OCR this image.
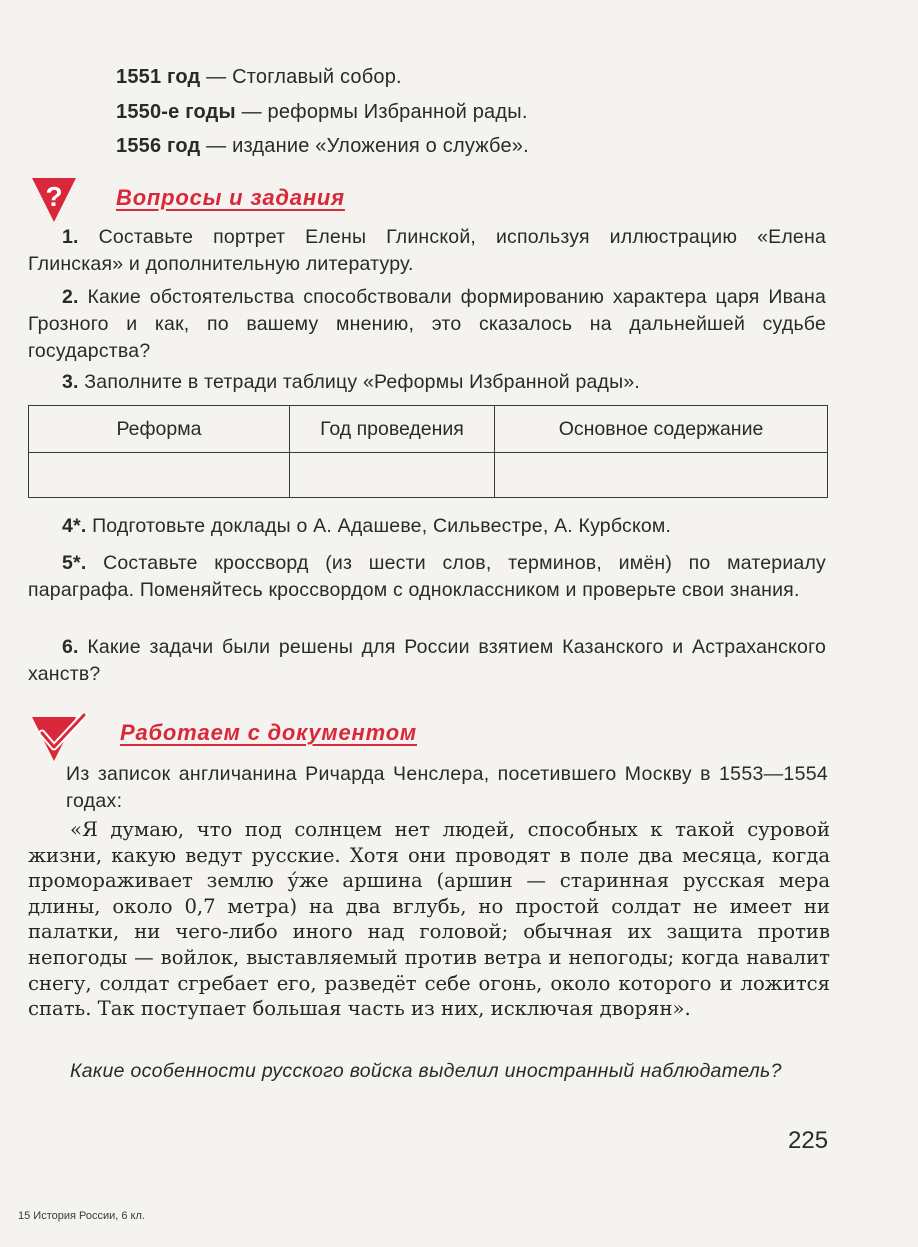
1551 год — Стоглавый собор.
1550-е годы — реформы Избранной рады.
1556 год — издание «Уложения о службе».
? Вопросы и задания
1. Составьте портрет Елены Глинской, используя иллюстрацию «Елена Глинская» и дополнительную литературу.
2. Какие обстоятельства способствовали формированию характера царя Ивана Грозного и как, по вашему мнению, это сказалось на дальнейшей судьбе государства?
3. Заполните в тетради таблицу «Реформы Избранной рады».
Реформа	Год проведения	Основное содержание

4*. Подготовьте доклады о А. Адашеве, Сильвестре, А. Курбском.
5*. Составьте кроссворд (из шести слов, терминов, имён) по материалу параграфа. Поменяйтесь кроссвордом с одноклассником и проверьте свои знания.
6. Какие задачи были решены для России взятием Казанского и Астраханского ханств?
Работаем с документом
Из записок англичанина Ричарда Ченслера, посетившего Москву в 1553—1554 годах:
«Я думаю, что под солнцем нет людей, способных к такой суровой жизни, какую ведут русские. Хотя они проводят в поле два месяца, когда промораживает землю у́же аршина (аршин — старинная русская мера длины, около 0,7 метра) на два вглубь, но простой солдат не имеет ни палатки, ни чего-либо иного над головой; обычная их защита против непогоды — войлок, выставляемый против ветра и непогоды; когда навалит снегу, солдат сгребает его, разведёт себе огонь, около которого и ложится спать. Так поступает большая часть из них, исключая дворян».
Какие особенности русского войска выделил иностранный наблюдатель?
225
15 История России, 6 кл.
